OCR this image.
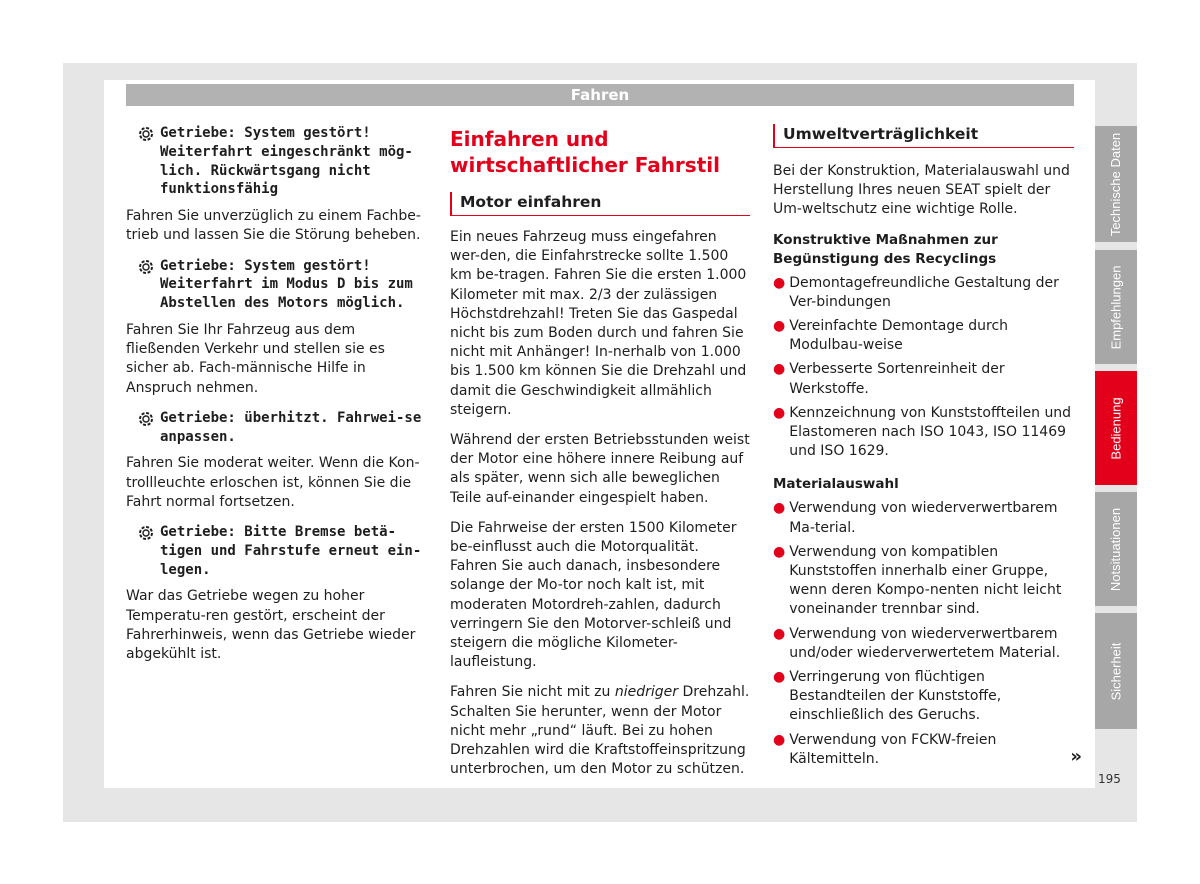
Fahren
Getriebe: System gestört! Weiterfahrt eingeschränkt mög-lich. Rückwärtsgang nicht funktionsfähig

Fahren Sie unverzüglich zu einem Fachbe-trieb und lassen Sie die Störung beheben.

Getriebe: System gestört! Weiterfahrt im Modus D bis zum Abstellen des Motors möglich.

Fahren Sie Ihr Fahrzeug aus dem fließenden Verkehr und stellen sie es sicher ab. Fach-männische Hilfe in Anspruch nehmen.

Getriebe: überhitzt. Fahrwei-se anpassen.

Fahren Sie moderat weiter. Wenn die Kon-trollleuchte erloschen ist, können Sie die Fahrt normal fortsetzen.

Getriebe: Bitte Bremse betä-tigen und Fahrstufe erneut ein-legen.

War das Getriebe wegen zu hoher Temperatu-ren gestört, erscheint der Fahrerhinweis, wenn das Getriebe wieder abgekühlt ist.

Einfahren und wirtschaftlicher Fahrstil
Motor einfahren

Ein neues Fahrzeug muss eingefahren wer-den, die Einfahrstrecke sollte 1.500 km be-tragen. Fahren Sie die ersten 1.000 Kilometer mit max. 2/3 der zulässigen Höchstdrehzahl! Treten Sie das Gaspedal nicht bis zum Boden durch und fahren Sie nicht mit Anhänger! In-nerhalb von 1.000 bis 1.500 km können Sie die Drehzahl und damit die Geschwindigkeit allmählich steigern.

Während der ersten Betriebsstunden weist der Motor eine höhere innere Reibung auf als später, wenn sich alle beweglichen Teile auf-einander eingespielt haben.

Die Fahrweise der ersten 1500 Kilometer be-einflusst auch die Motorqualität. Fahren Sie auch danach, insbesondere solange der Mo-tor noch kalt ist, mit moderaten Motordreh-zahlen, dadurch verringern Sie den Motorver-schleiß und steigern die mögliche Kilometer-laufleistung.

Fahren Sie nicht mit zu niedriger Drehzahl. Schalten Sie herunter, wenn der Motor nicht mehr „rund“ läuft. Bei zu hohen Drehzahlen wird die Kraftstoffeinspritzung unterbrochen, um den Motor zu schützen.

Umweltverträglichkeit

Bei der Konstruktion, Materialauswahl und Herstellung Ihres neuen SEAT spielt der Um-weltschutz eine wichtige Rolle.

Konstruktive Maßnahmen zur Begünstigung des Recyclings
● Demontagefreundliche Gestaltung der Ver-bindungen

● Vereinfachte Demontage durch Modulbau-weise

● Verbesserte Sortenreinheit der Werkstoffe.

● Kennzeichnung von Kunststoffteilen und Elastomeren nach ISO 1043, ISO 11469 und ISO 1629.

Materialauswahl
● Verwendung von wiederverwertbarem Ma-terial.

● Verwendung von kompatiblen Kunststoffen innerhalb einer Gruppe, wenn deren Kompo-nenten nicht leicht voneinander trennbar sind.

● Verwendung von wiederverwertbarem und/oder wiederverwertetem Material.

● Verringerung von flüchtigen Bestandteilen der Kunststoffe, einschließlich des Geruchs.

● Verwendung von FCKW-freien Kältemitteln.	»
Technische Daten
Empfehlungen
Bedienung
Notsituationen
Sicherheit
195
